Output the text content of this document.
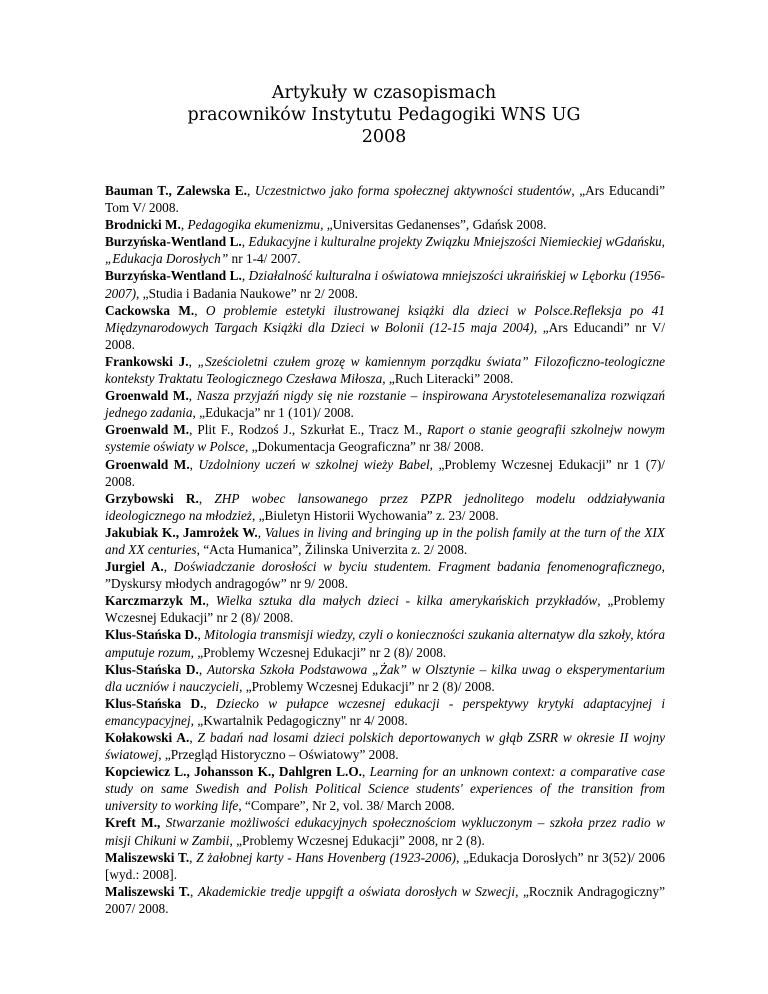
Artykuły w czasopismach
pracowników Instytutu Pedagogiki WNS UG
2008

Bauman T., Zalewska E., Uczestnictwo jako forma społecznej aktywności studentów, „Ars Educandi” Tom V/ 2008.

Brodnicki M., Pedagogika ekumenizmu, „Universitas Gedanenses”, Gdańsk 2008.

Burzyńska-Wentland L., Edukacyjne i kulturalne projekty Związku Mniejszości Niemieckiej wGdańsku, „Edukacja Dorosłych” nr 1-4/ 2007.

Burzyńska-Wentland L., Działalność kulturalna i oświatowa mniejszości ukraińskiej w Lęborku (1956-2007), „Studia i Badania Naukowe” nr 2/ 2008.

Cackowska M., O problemie estetyki ilustrowanej książki dla dzieci w Polsce.Refleksja po 41 Międzynarodowych Targach Książki dla Dzieci w Bolonii (12-15 maja 2004), „Ars Educandi” nr V/ 2008.

Frankowski J., „Sześcioletni czułem grozę w kamiennym porządku świata” Filozoficzno-teologiczne konteksty Traktatu Teologicznego Czesława Miłosza, „Ruch Literacki” 2008.

Groenwald M., Nasza przyjaźń nigdy się nie rozstanie – inspirowana Arystotelesemanaliza rozwiązań jednego zadania, „Edukacja” nr 1 (101)/ 2008.

Groenwald M., Plit F., Rodzoś J., Szkurłat E., Tracz M., Raport o stanie geografii szkolnejw nowym systemie oświaty w Polsce, „Dokumentacja Geograficzna” nr 38/ 2008.

Groenwald M., Uzdolniony uczeń w szkolnej wieży Babel, „Problemy Wczesnej Edukacji” nr 1 (7)/ 2008.

Grzybowski R., ZHP wobec lansowanego przez PZPR jednolitego modelu oddziaływania ideologicznego na młodzież, „Biuletyn Historii Wychowania” z. 23/ 2008.

Jakubiak K., Jamrożek W., Values in living and bringing up in the polish family at the turn of the XIX and XX centuries, “Acta Humanica”, Žilinska Univerzita z. 2/ 2008.

Jurgiel A., Doświadczanie dorosłości w byciu studentem. Fragment badania fenomenograficznego, ”Dyskursy młodych andragogów” nr 9/ 2008.

Karczmarzyk M., Wielka sztuka dla małych dzieci - kilka amerykańskich przykładów, „Problemy Wczesnej Edukacji” nr 2 (8)/ 2008.

Klus-Stańska D., Mitologia transmisji wiedzy, czyli o konieczności szukania alternatyw dla szkoły, która amputuje rozum, „Problemy Wczesnej Edukacji” nr 2 (8)/ 2008.

Klus-Stańska D., Autorska Szkoła Podstawowa „Żak” w Olsztynie – kilka uwag o eksperymentarium dla uczniów i nauczycieli, „Problemy Wczesnej Edukacji” nr 2 (8)/ 2008.

Klus-Stańska D., Dziecko w pułapce wczesnej edukacji - perspektywy krytyki adaptacyjnej i emancypacyjnej, „Kwartalnik Pedagogiczny" nr 4/ 2008.

Kołakowski A., Z badań nad losami dzieci polskich deportowanych w głąb ZSRR w okresie II wojny światowej, „Przegląd Historyczno – Oświatowy” 2008.

Kopciewicz L., Johansson K., Dahlgren L.O., Learning for an unknown context: a comparative case study on same Swedish and Polish Political Science students' experiences of the transition from university to working life, “Compare”, Nr 2, vol. 38/ March 2008.

Kreft M., Stwarzanie możliwości edukacyjnych społecznościom wykluczonym – szkoła przez radio w misji Chikuni w Zambii, „Problemy Wczesnej Edukacji” 2008, nr 2 (8).

Maliszewski T., Z żałobnej karty - Hans Hovenberg (1923-2006), „Edukacja Dorosłych” nr 3(52)/ 2006 [wyd.: 2008].

Maliszewski T., Akademickie tredje uppgift a oświata dorosłych w Szwecji, „Rocznik Andragogiczny” 2007/ 2008.
